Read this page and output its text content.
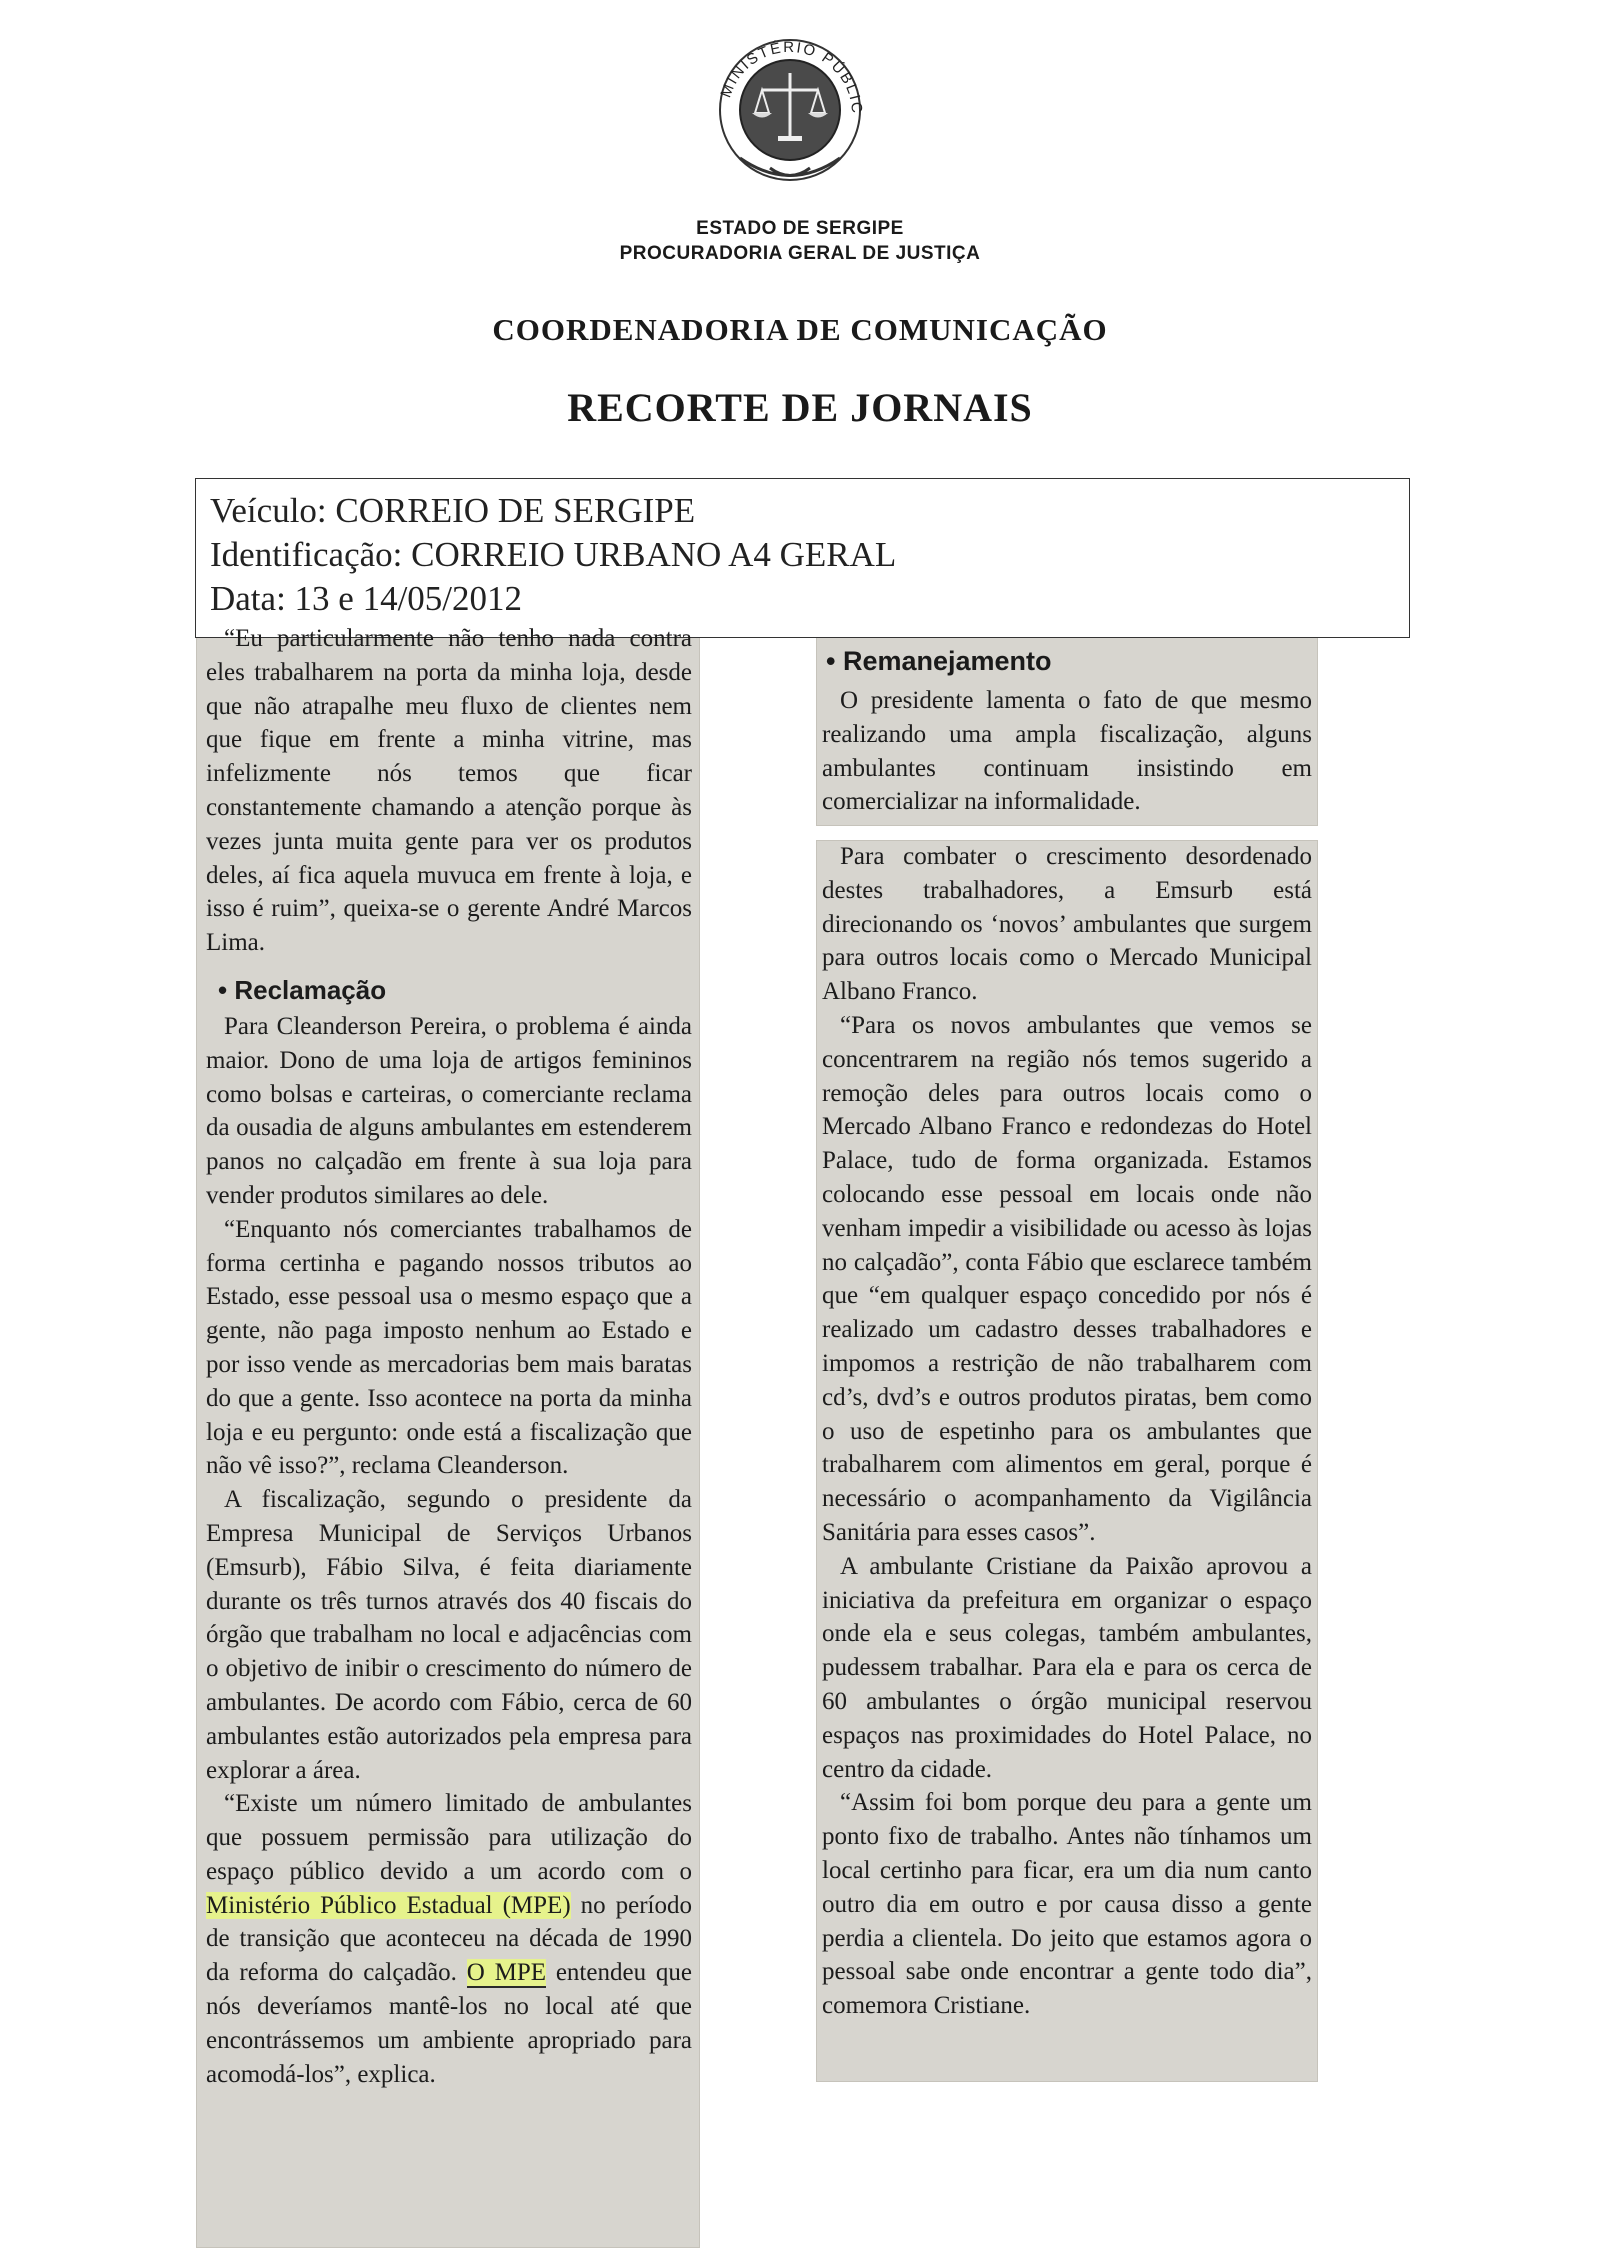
MINISTÉRIO PÚBLIC
ESTADO DE SERGIPE
PROCURADORIA GERAL DE JUSTIÇA
COORDENADORIA DE COMUNICAÇÃO
RECORTE DE JORNAIS
Veículo: CORREIO DE SERGIPE
Identificação: CORREIO URBANO A4 GERAL
Data: 13 e 14/05/2012

“Eu particularmente não tenho nada contra eles trabalharem na porta da minha loja, desde que não atrapalhe meu fluxo de clientes nem que fique em frente a minha vitrine, mas infelizmente nós temos que ficar constantemente chamando a atenção porque às vezes junta muita gente para ver os produtos deles, aí fica aquela muvuca em frente à loja, e isso é ruim”, queixa-se o gerente André Marcos Lima.

• Reclamação

Para Cleanderson Pereira, o problema é ainda maior. Dono de uma loja de artigos femininos como bolsas e carteiras, o comerciante reclama da ousadia de alguns ambulantes em estenderem panos no calçadão em frente à sua loja para vender produtos similares ao dele.

“Enquanto nós comerciantes trabalhamos de forma certinha e pagando nossos tributos ao Estado, esse pessoal usa o mesmo espaço que a gente, não paga imposto nenhum ao Estado e por isso vende as mercadorias bem mais baratas do que a gente. Isso acontece na porta da minha loja e eu pergunto: onde está a fiscalização que não vê isso?”, reclama Cleanderson.

A fiscalização, segundo o presidente da Empresa Municipal de Serviços Urbanos (Emsurb), Fábio Silva, é feita diariamente durante os três turnos através dos 40 fiscais do órgão que trabalham no local e adjacências com o objetivo de inibir o crescimento do número de ambulantes. De acordo com Fábio, cerca de 60 ambulantes estão autorizados pela empresa para explorar a área.

“Existe um número limitado de ambulantes que possuem permissão para utilização do espaço público devido a um acordo com o Ministério Público Estadual (MPE) no período de transição que aconteceu na década de 1990 da reforma do calçadão. O MPE entendeu que nós deveríamos mantê-los no local até que encontrássemos um ambiente apropriado para acomodá-los”, explica.

• Remanejamento

O presidente lamenta o fato de que mesmo realizando uma ampla fiscalização, alguns ambulantes continuam insistindo em comercializar na informalidade.

Para combater o crescimento desordenado destes trabalhadores, a Emsurb está direcionando os ‘novos’ ambulantes que surgem para outros locais como o Mercado Municipal Albano Franco.

“Para os novos ambulantes que vemos se concentrarem na região nós temos sugerido a remoção deles para outros locais como o Mercado Albano Franco e redondezas do Hotel Palace, tudo de forma organizada. Estamos colocando esse pessoal em locais onde não venham impedir a visibilidade ou acesso às lojas no calçadão”, conta Fábio que esclarece também que “em qualquer espaço concedido por nós é realizado um cadastro desses trabalhadores e impomos a restrição de não trabalharem com cd’s, dvd’s e outros produtos piratas, bem como o uso de espetinho para os ambulantes que trabalharem com alimentos em geral, porque é necessário o acompanhamento da Vigilância Sanitária para esses casos”.

A ambulante Cristiane da Paixão aprovou a iniciativa da prefeitura em organizar o espaço onde ela e seus colegas, também ambulantes, pudessem trabalhar. Para ela e para os cerca de 60 ambulantes o órgão municipal reservou espaços nas proximidades do Hotel Palace, no centro da cidade.

“Assim foi bom porque deu para a gente um ponto fixo de trabalho. Antes não tínhamos um local certinho para ficar, era um dia num canto outro dia em outro e por causa disso a gente perdia a clientela. Do jeito que estamos agora o pessoal sabe onde encontrar a gente todo dia”, comemora Cristiane.
